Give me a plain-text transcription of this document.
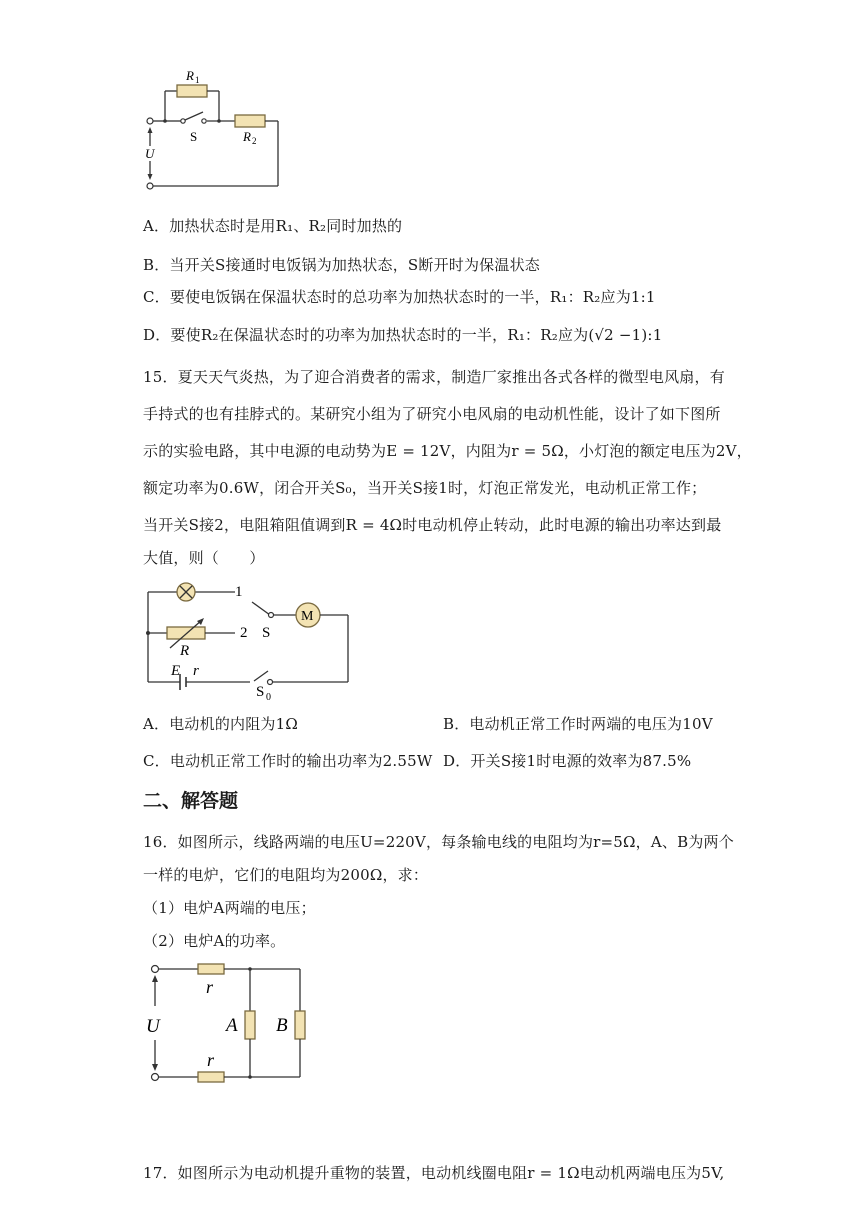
R 1
S	R 2
U
A．加热状态时是用R₁、R₂同时加热的
B．当开关S接通时电饭锅为加热状态，S断开时为保温状态
C．要使电饭锅在保温状态时的总功率为加热状态时的一半，R₁：R₂应为1:1
D．要使R₂在保温状态时的功率为加热状态时的一半，R₁：R₂应为(√2 −1):1
15．夏天天气炎热，为了迎合消费者的需求，制造厂家推出各式各样的微型电风扇，有
手持式的也有挂脖式的。某研究小组为了研究小电风扇的电动机性能，设计了如下图所
示的实验电路，其中电源的电动势为E = 12V，内阻为r = 5Ω，小灯泡的额定电压为2V，
额定功率为0.6W，闭合开关S₀，当开关S接1时，灯泡正常发光，电动机正常工作；
当开关S接2，电阻箱阻值调到R = 4Ω时电动机停止转动，此时电源的输出功率达到最
大值，则（　　）
1
2 S
M
R
E r
S 0
A．电动机的内阻为1Ω	B．电动机正常工作时两端的电压为10V
C．电动机正常工作时的输出功率为2.55W D．开关S接1时电源的效率为87.5%
二、解答题
16．如图所示，线路两端的电压U=220V，每条输电线的电阻均为r=5Ω，A、B为两个
一样的电炉，它们的电阻均为200Ω，求：
（1）电炉A两端的电压；
（2）电炉A的功率。
r
r
U	A B
17．如图所示为电动机提升重物的装置，电动机线圈电阻r = 1Ω电动机两端电压为5V,
